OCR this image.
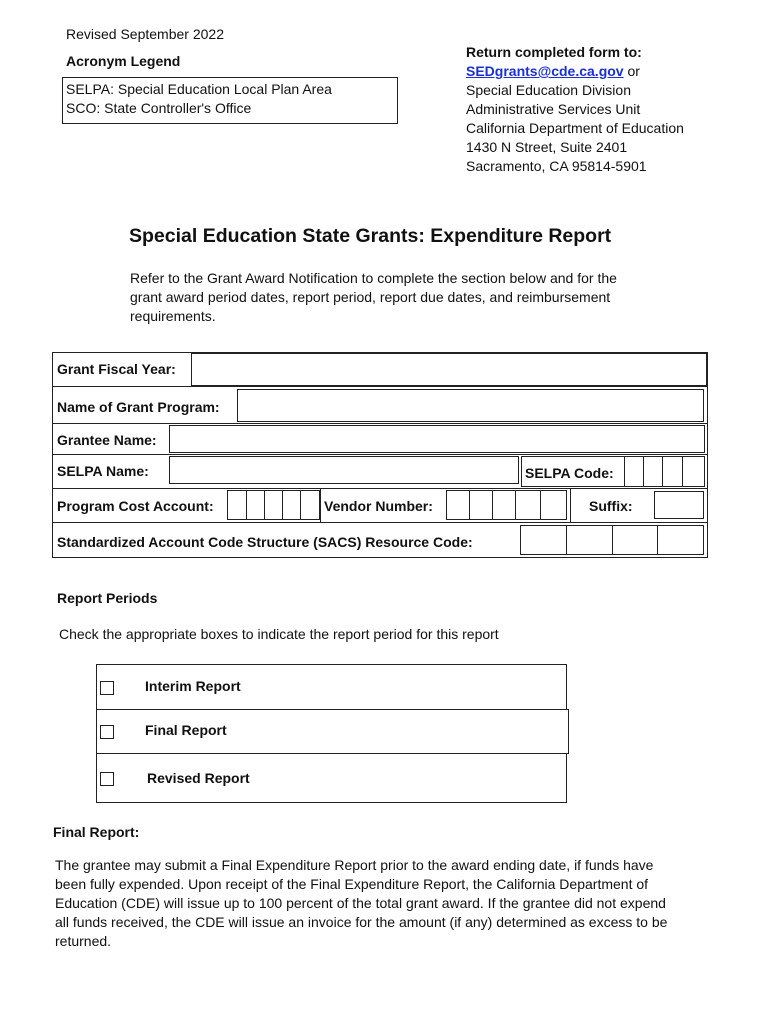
Revised September 2022
Acronym Legend
SELPA: Special Education Local Plan Area
SCO: State Controller's Office
Return completed form to:
SEDgrants@cde.ca.gov or
Special Education Division
Administrative Services Unit
California Department of Education
1430 N Street, Suite 2401
Sacramento, CA 95814-5901
Special Education State Grants: Expenditure Report
Refer to the Grant Award Notification to complete the section below and for the
grant award period dates, report period, report due dates, and reimbursement
requirements.
Grant Fiscal Year:
Name of Grant Program:
Grantee Name:
SELPA Name:	SELPA Code:
Program Cost Account:	Vendor Number:	Suffix:
Standardized Account Code Structure (SACS) Resource Code:
Report Periods
Check the appropriate boxes to indicate the report period for this report
Interim Report
Final Report
Revised Report
Final Report:
The grantee may submit a Final Expenditure Report prior to the award ending date, if funds have
been fully expended. Upon receipt of the Final Expenditure Report, the California Department of
Education (CDE) will issue up to 100 percent of the total grant award. If the grantee did not expend
all funds received, the CDE will issue an invoice for the amount (if any) determined as excess to be
returned.
